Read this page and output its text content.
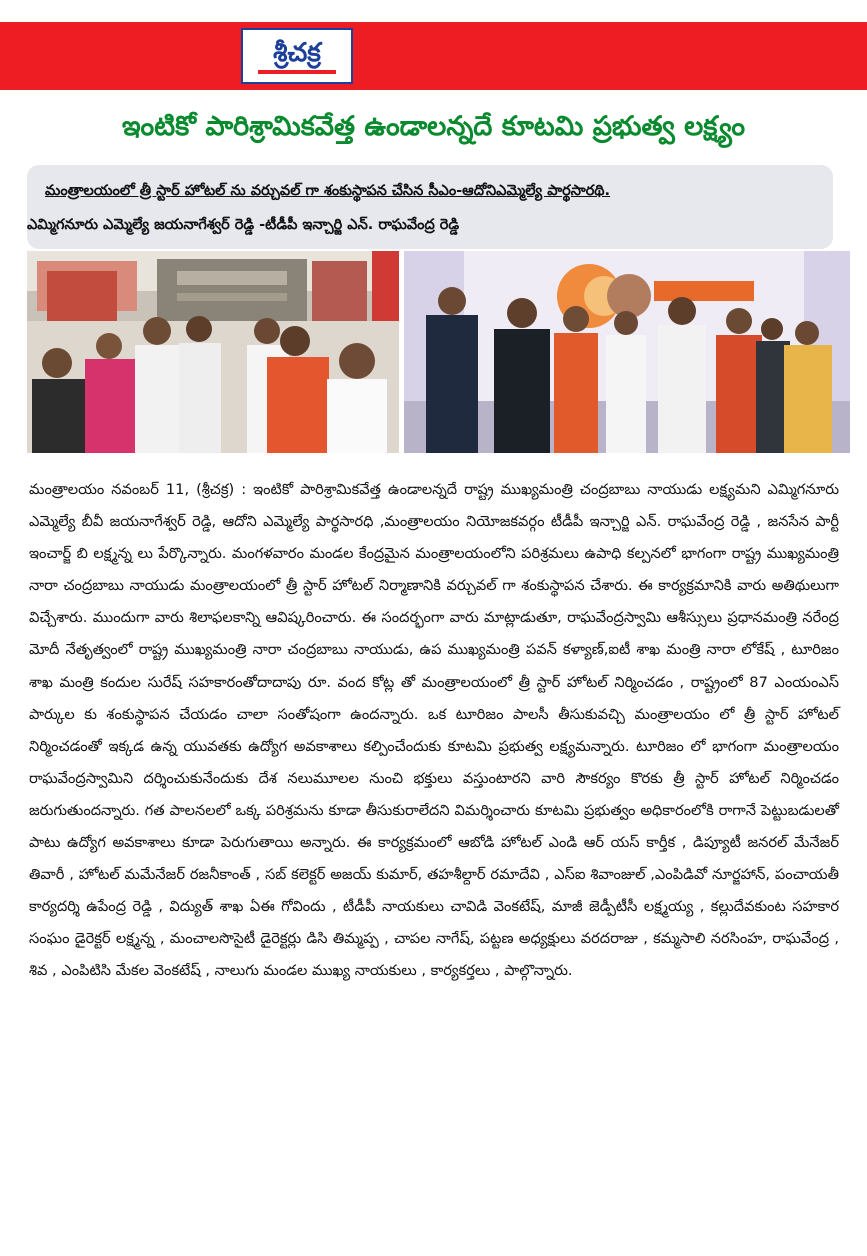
శ్రీచక్ర
ఇంటికో పారిశ్రామికవేత్త ఉండాలన్నదే కూటమి ప్రభుత్వ లక్ష్యం
మంత్రాలయంలో త్రీ స్టార్ హోటల్ ను వర్చువల్ గా శంకుస్థాపన చేసిన సీఎం-ఆదోనిఎమ్మెల్యే పార్థసారథి.
ఎమ్మిగనూరు ఎమ్మెల్యే జయనాగేశ్వర్ రెడ్డి -టీడీపీ ఇన్చార్జి ఎన్. రాఘవేంద్ర రెడ్డి

మంత్రాలయం నవంబర్ 11, (శ్రీచక్ర) : ఇంటికో పారిశ్రామికవేత్త ఉండాలన్నదే రాష్ట్ర ముఖ్యమంత్రి చంద్రబాబు నాయుడు లక్ష్యమని ఎమ్మిగనూరు ఎమ్మెల్యే బీవీ జయనాగేశ్వర్ రెడ్డి, ఆదోని ఎమ్మెల్యే పార్థసారధి ,మంత్రాలయం నియోజకవర్గం టీడీపీ ఇన్చార్జి ఎన్. రాఘవేంద్ర రెడ్డి , జనసేన పార్టీ ఇంచార్జ్ బి లక్ష్మన్న లు పేర్కొన్నారు. మంగళవారం మండల కేంద్రమైన మంత్రాలయంలోని పరిశ్రమలు ఉపాధి కల్పనలో భాగంగా రాష్ట్ర ముఖ్యమంత్రి నారా చంద్రబాబు నాయుడు మంత్రాలయంలో త్రీ స్టార్ హోటల్ నిర్మాణానికి వర్చువల్ గా శంకుస్థాపన చేశారు. ఈ కార్యక్రమానికి వారు అతిథులుగా విచ్చేశారు. ముందుగా వారు శిలాఫలకాన్ని ఆవిష్కరించారు. ఈ సందర్భంగా వారు మాట్లాడుతూ, రాఘవేంద్రస్వామి ఆశీస్సులు ప్రధానమంత్రి నరేంద్ర మోదీ నేతృత్వంలో రాష్ట్ర ముఖ్యమంత్రి నారా చంద్రబాబు నాయుడు, ఉప ముఖ్యమంత్రి పవన్ కళ్యాణ్,ఐటీ శాఖ మంత్రి నారా లోకేష్ , టూరిజం శాఖ మంత్రి కందుల సురేష్ సహకారంతోదాదాపు రూ. వంద కోట్ల తో మంత్రాలయంలో త్రీ స్టార్ హోటల్ నిర్మించడం , రాష్ట్రంలో 87 ఎంయంఎస్ పార్కుల కు శంకుస్థాపన చేయడం చాలా సంతోషంగా ఉందన్నారు. ఒక టూరిజం పాలసీ తీసుకువచ్చి మంత్రాలయం లో త్రీ స్టార్ హోటల్ నిర్మించడంతో ఇక్కడ ఉన్న యువతకు ఉద్యోగ అవకాశాలు కల్పించేందుకు కూటమి ప్రభుత్వ లక్ష్యమన్నారు. టూరిజం లో భాగంగా మంత్రాలయం రాఘవేంద్రస్వామిని దర్శించుకునేందుకు దేశ నలుమూలల నుంచి భక్తులు వస్తుంటారని వారి సౌకర్యం కొరకు త్రీ స్టార్ హోటల్ నిర్మించడం జరుగుతుందన్నారు. గత పాలనలలో ఒక్క పరిశ్రమను కూడా తీసుకురాలేదని విమర్శించారు కూటమి ప్రభుత్వం అధికారంలోకి రాగానే పెట్టుబడులతో పాటు ఉద్యోగ అవకాశాలు కూడా పెరుగుతాయి అన్నారు. ఈ కార్యక్రమంలో ఆబోడి హోటల్ ఎండి ఆర్ యస్ కార్తీక , డిప్యూటీ జనరల్ మేనేజర్ తివారీ , హోటల్ మమేనేజర్ రజనీకాంత్ , సబ్ కలెక్టర్ అజయ్ కుమార్, తహశీల్దార్ రమాదేవి , ఎస్ఐ శివాంజుల్ ,ఎంపిడివో నూర్జహాన్, పంచాయతీ కార్యదర్శి ఉపేంద్ర రెడ్డి , విద్యుత్ శాఖ ఏఈ గోవిందు , టీడీపీ నాయకులు చావిడి వెంకటేష్, మాజీ జెడ్పీటీసీ లక్ష్మయ్య , కల్లుదేవకుంట సహకార సంఘం డైరెక్టర్ లక్ష్మన్న , మంచాలసొసైటీ డైరెక్టర్లు డిసి తిమ్మప్ప , చాపల నాగేష్, పట్టణ అధ్యక్షులు వరదరాజు , కమ్మసాలి నరసింహ, రాఘవేంద్ర , శివ , ఎంపిటిసి మేకల వెంకటేష్ , నాలుగు మండల ముఖ్య నాయకులు , కార్యకర్తలు , పాల్గొన్నారు.
